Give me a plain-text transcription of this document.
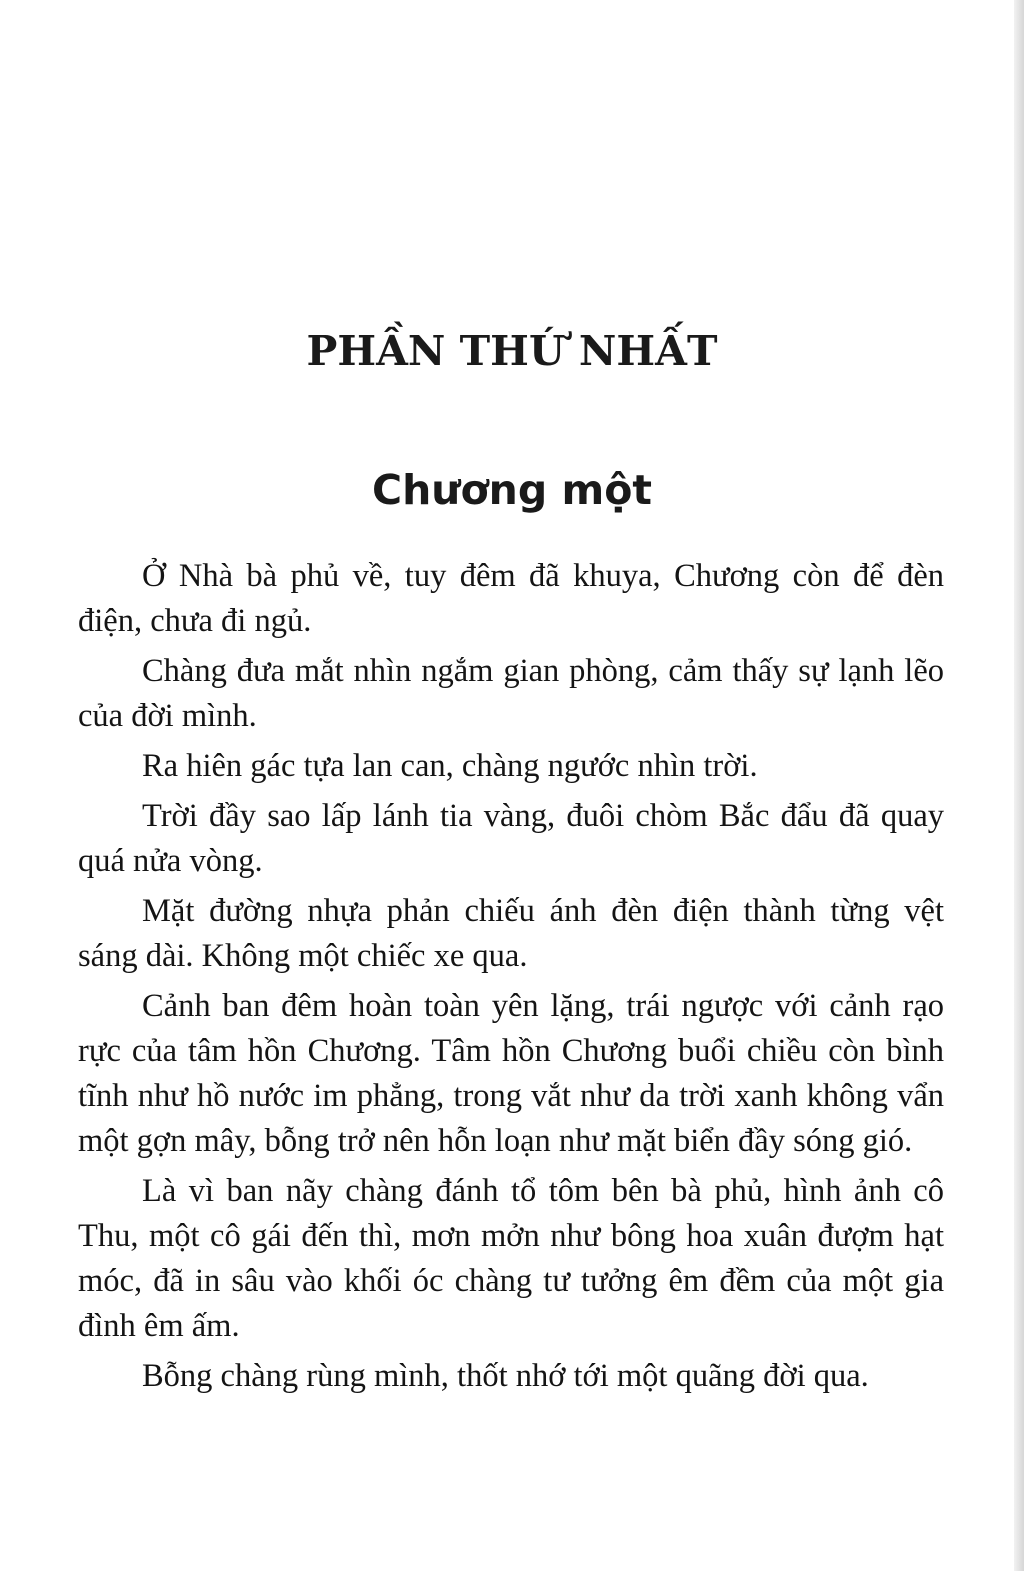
PHẦN THỨ NHẤT
Chương một

Ở Nhà bà phủ về, tuy đêm đã khuya, Chương còn để đèn điện, chưa đi ngủ.

Chàng đưa mắt nhìn ngắm gian phòng, cảm thấy sự lạnh lẽo của đời mình.

Ra hiên gác tựa lan can, chàng ngước nhìn trời.

Trời đầy sao lấp lánh tia vàng, đuôi chòm Bắc đẩu đã quay quá nửa vòng.

Mặt đường nhựa phản chiếu ánh đèn điện thành từng vệt sáng dài. Không một chiếc xe qua.

Cảnh ban đêm hoàn toàn yên lặng, trái ngược với cảnh rạo rực của tâm hồn Chương. Tâm hồn Chương buổi chiều còn bình tĩnh như hồ nước im phẳng, trong vắt như da trời xanh không vẩn một gợn mây, bỗng trở nên hỗn loạn như mặt biển đầy sóng gió.

Là vì ban nãy chàng đánh tổ tôm bên bà phủ, hình ảnh cô Thu, một cô gái đến thì, mơn mởn như bông hoa xuân đượm hạt móc, đã in sâu vào khối óc chàng tư tưởng êm đềm của một gia đình êm ấm.

Bỗng chàng rùng mình, thốt nhớ tới một quãng đời qua.
